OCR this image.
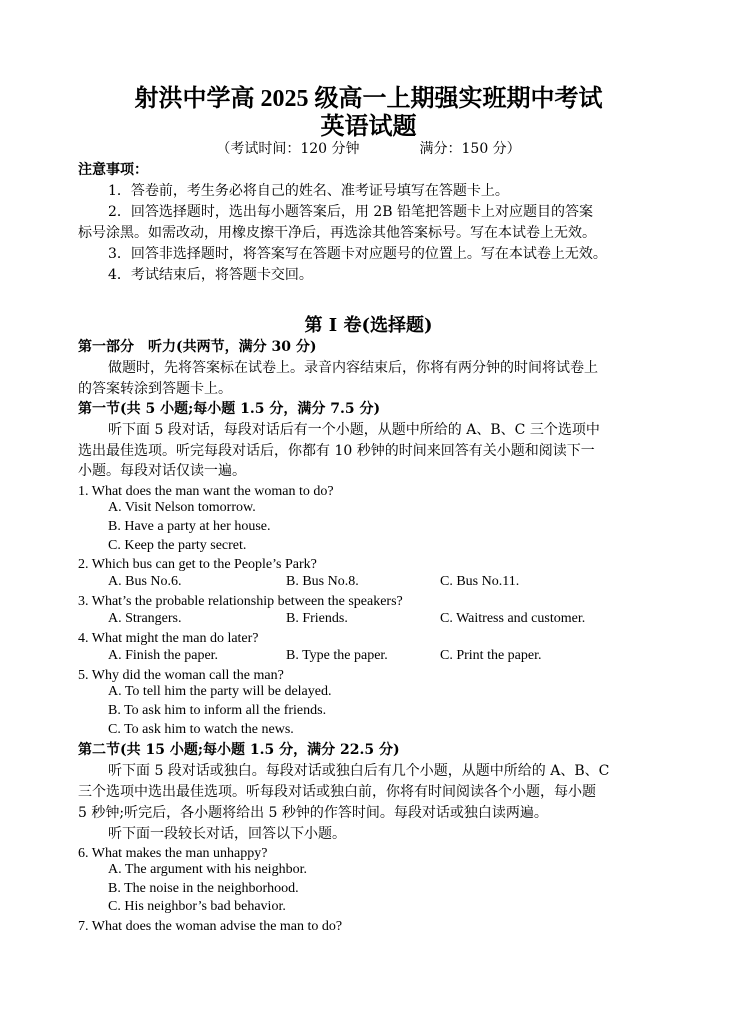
射洪中学高 2025 级高一上期强实班期中考试
英语试题
（考试时间：120 分钟	满分：150 分）
注意事项：
1．答卷前，考生务必将自己的姓名、准考证号填写在答题卡上。
2．回答选择题时，选出每小题答案后，用 2B 铅笔把答题卡上对应题目的答案
标号涂黑。如需改动，用橡皮擦干净后，再选涂其他答案标号。写在本试卷上无效。
3．回答非选择题时，将答案写在答题卡对应题号的位置上。写在本试卷上无效。
4．考试结束后，将答题卡交回。
第 I 卷(选择题)
第一部分　听力(共两节，满分 30 分)
做题时，先将答案标在试卷上。录音内容结束后，你将有两分钟的时间将试卷上
的答案转涂到答题卡上。
第一节(共 5 小题;每小题 1.5 分，满分 7.5 分)
听下面 5 段对话，每段对话后有一个小题，从题中所给的 A、B、C 三个选项中
选出最佳选项。听完每段对话后，你都有 10 秒钟的时间来回答有关小题和阅读下一
小题。每段对话仅读一遍。
1. What does the man want the woman to do?
A. Visit Nelson tomorrow.
B. Have a party at her house.
C. Keep the party secret.
2. Which bus can get to the People’s Park?
A. Bus No.6.	B. Bus No.8.	C. Bus No.11.
3. What’s the probable relationship between the speakers?
A. Strangers.	B. Friends.	C. Waitress and customer.
4. What might the man do later?
A. Finish the paper.	B. Type the paper.	C. Print the paper.
5. Why did the woman call the man?
A. To tell him the party will be delayed.
B. To ask him to inform all the friends.
C. To ask him to watch the news.
第二节(共 15 小题;每小题 1.5 分，满分 22.5 分)
听下面 5 段对话或独白。每段对话或独白后有几个小题，从题中所给的 A、B、C
三个选项中选出最佳选项。听每段对话或独白前，你将有时间阅读各个小题，每小题
5 秒钟;听完后，各小题将给出 5 秒钟的作答时间。每段对话或独白读两遍。
听下面一段较长对话，回答以下小题。
6. What makes the man unhappy?
A. The argument with his neighbor.
B. The noise in the neighborhood.
C. His neighbor’s bad behavior.
7. What does the woman advise the man to do?
